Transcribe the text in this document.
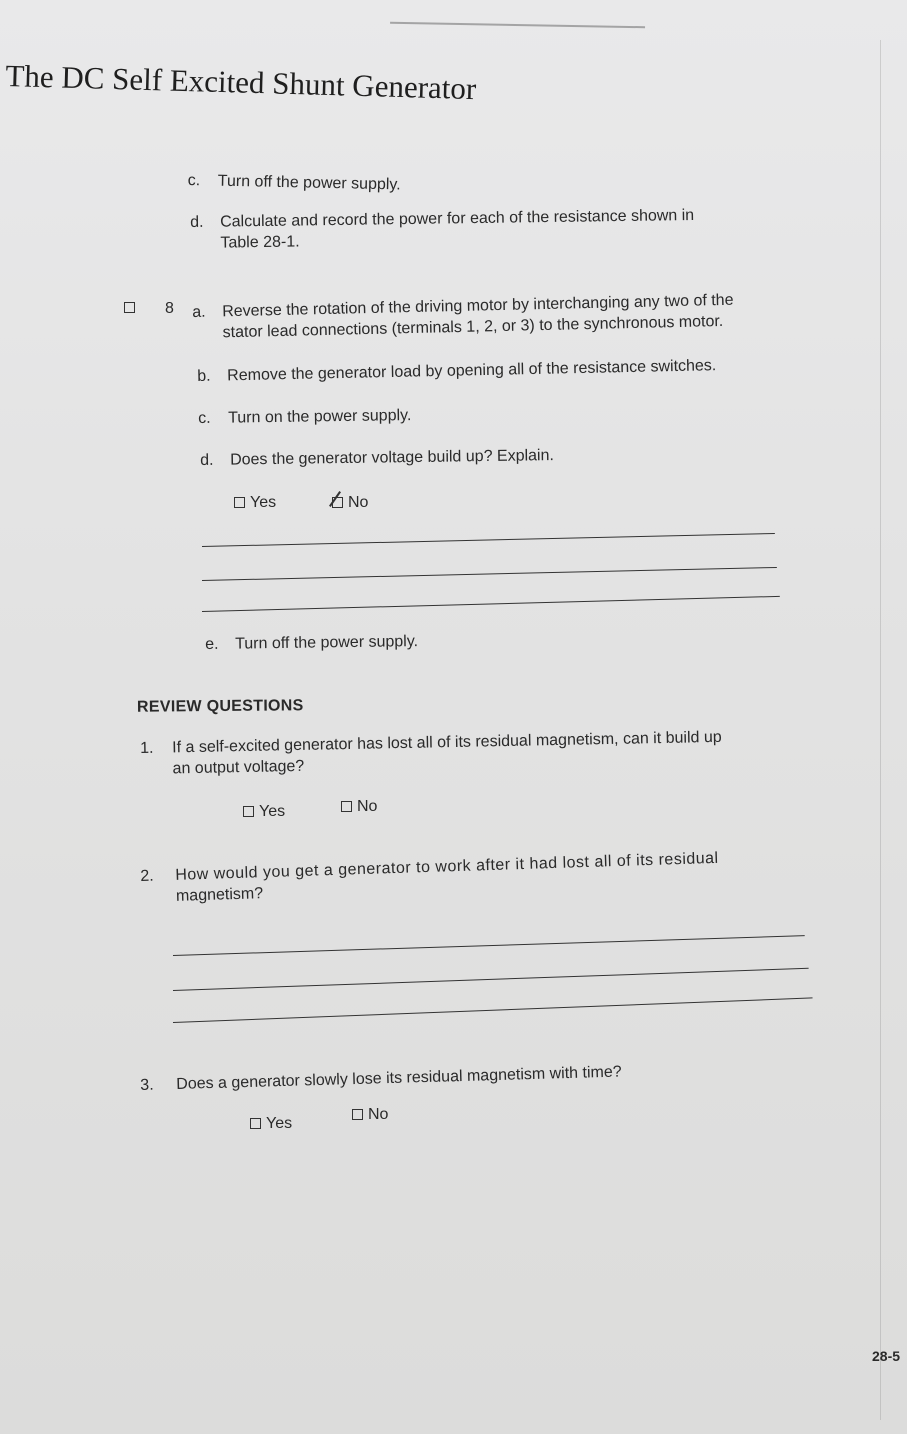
The DC Self Excited Shunt Generator
c. Turn off the power supply.
d. Calculate and record the power for each of the resistance shown in
Table 28-1.
8 a. Reverse the rotation of the driving motor by interchanging any two of the
stator lead connections (terminals 1, 2, or 3) to the synchronous motor.
b. Remove the generator load by opening all of the resistance switches.
c. Turn on the power supply.
d. Does the generator voltage build up? Explain.
Yes	No
e. Turn off the power supply.
REVIEW QUESTIONS
1. If a self-excited generator has lost all of its residual magnetism, can it build up
an output voltage?
Yes	No
2. How would you get a generator to work after it had lost all of its residual
magnetism?
3. Does a generator slowly lose its residual magnetism with time?
Yes
No
28-5
